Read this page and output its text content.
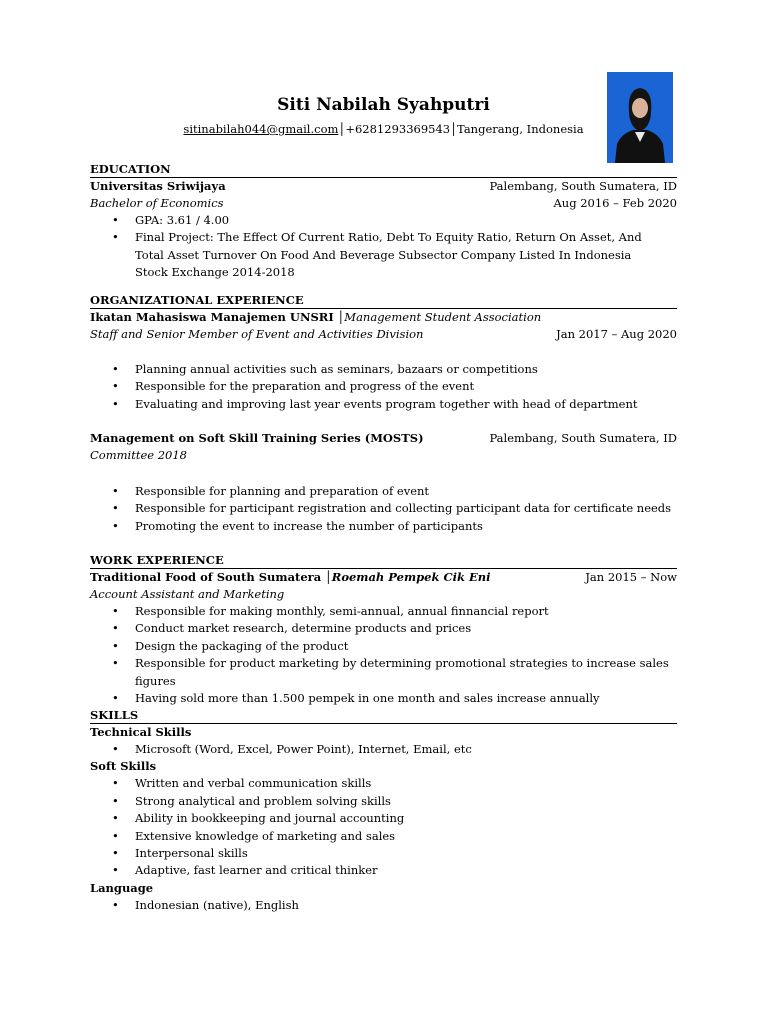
Siti Nabilah Syahputri
sitinabilah044@gmail.com│+6281293369543│Tangerang, Indonesia
EDUCATION
Universitas Sriwijaya	Palembang, South Sumatera, ID
Bachelor of Economics	Aug 2016 – Feb 2020
• GPA: 3.61 / 4.00
• Final Project: The Effect Of Current Ratio, Debt To Equity Ratio, Return On Asset, And Total Asset Turnover On Food And Beverage Subsector Company Listed In Indonesia Stock Exchange 2014-2018
ORGANIZATIONAL EXPERIENCE
Ikatan Mahasiswa Manajemen UNSRI │Management Student Association
Staff and Senior Member of Event and Activities Division	Jan 2017 – Aug 2020
• Planning annual activities such as seminars, bazaars or competitions
• Responsible for the preparation and progress of the event
• Evaluating and improving last year events program together with head of department
Management on Soft Skill Training Series (MOSTS)	Palembang, South Sumatera, ID
Committee 2018
• Responsible for planning and preparation of event
• Responsible for participant registration and collecting participant data for certificate needs
• Promoting the event to increase the number of participants
WORK EXPERIENCE
Traditional Food of South Sumatera │Roemah Pempek Cik Eni	Jan 2015 – Now
Account Assistant and Marketing
• Responsible for making monthly, semi-annual, annual finnancial report
• Conduct market research, determine products and prices
• Design the packaging of the product
• Responsible for product marketing by determining promotional strategies to increase sales figures
• Having sold more than 1.500 pempek in one month and sales increase annually
SKILLS
Technical Skills
• Microsoft (Word, Excel, Power Point), Internet, Email, etc
Soft Skills
• Written and verbal communication skills
• Strong analytical and problem solving skills
• Ability in bookkeeping and journal accounting
• Extensive knowledge of marketing and sales
• Interpersonal skills
• Adaptive, fast learner and critical thinker
Language
• Indonesian (native), English
